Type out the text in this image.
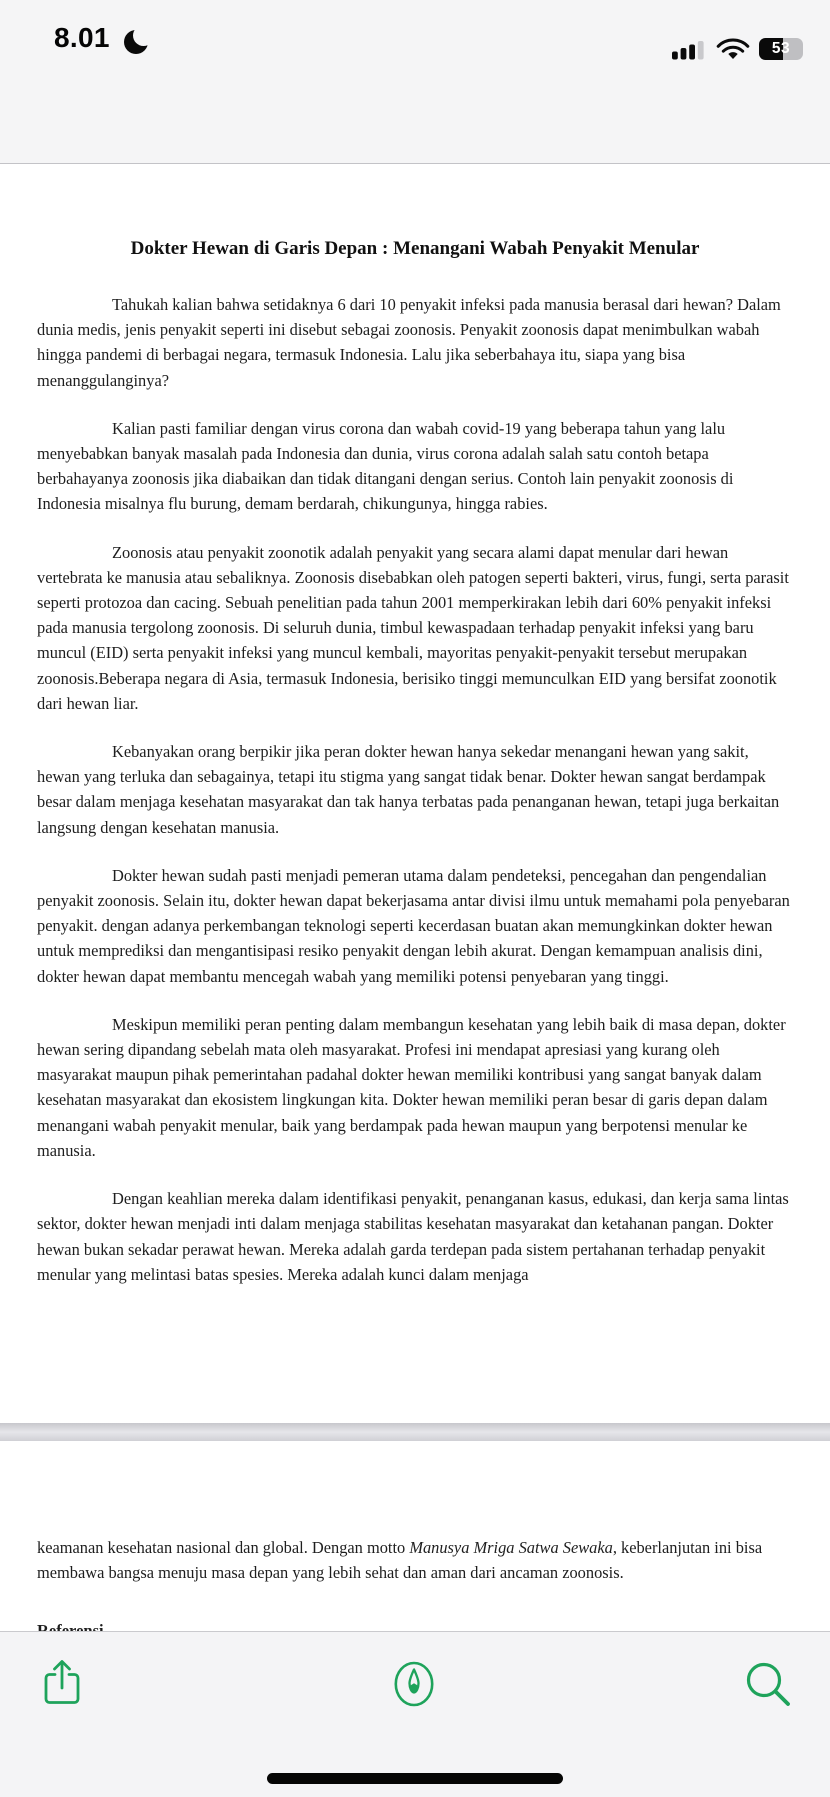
8.01	53
Dokter Hewan di Garis Depan : Menangani Wabah Penyakit Menular

Tahukah kalian bahwa setidaknya 6 dari 10 penyakit infeksi pada manusia berasal dari hewan? Dalam dunia medis, jenis penyakit seperti ini disebut sebagai zoonosis. Penyakit zoonosis dapat menimbulkan wabah hingga pandemi di berbagai negara, termasuk Indonesia. Lalu jika seberbahaya itu, siapa yang bisa menanggulanginya?

Kalian pasti familiar dengan virus corona dan wabah covid-19 yang beberapa tahun yang lalu menyebabkan banyak masalah pada Indonesia dan dunia, virus corona adalah salah satu contoh betapa berbahayanya zoonosis jika diabaikan dan tidak ditangani dengan serius. Contoh lain penyakit zoonosis di Indonesia misalnya flu burung, demam berdarah, chikungunya, hingga rabies.

Zoonosis atau penyakit zoonotik adalah penyakit yang secara alami dapat menular dari hewan vertebrata ke manusia atau sebaliknya. Zoonosis disebabkan oleh patogen seperti bakteri, virus, fungi, serta parasit seperti protozoa dan cacing. Sebuah penelitian pada tahun 2001 memperkirakan lebih dari 60% penyakit infeksi pada manusia tergolong zoonosis. Di seluruh dunia, timbul kewaspadaan terhadap penyakit infeksi yang baru muncul (EID) serta penyakit infeksi yang muncul kembali, mayoritas penyakit-penyakit tersebut merupakan zoonosis.Beberapa negara di Asia, termasuk Indonesia, berisiko tinggi memunculkan EID yang bersifat zoonotik dari hewan liar.

Kebanyakan orang berpikir jika peran dokter hewan hanya sekedar menangani hewan yang sakit, hewan yang terluka dan sebagainya, tetapi itu stigma yang sangat tidak benar. Dokter hewan sangat berdampak besar dalam menjaga kesehatan masyarakat dan tak hanya terbatas pada penanganan hewan, tetapi juga berkaitan langsung dengan kesehatan manusia.

Dokter hewan sudah pasti menjadi pemeran utama dalam pendeteksi, pencegahan dan pengendalian penyakit zoonosis. Selain itu, dokter hewan dapat bekerjasama antar divisi ilmu untuk memahami pola penyebaran penyakit. dengan adanya perkembangan teknologi seperti kecerdasan buatan akan memungkinkan dokter hewan untuk memprediksi dan mengantisipasi resiko penyakit dengan lebih akurat. Dengan kemampuan analisis dini, dokter hewan dapat membantu mencegah wabah yang memiliki potensi penyebaran yang tinggi.

Meskipun memiliki peran penting dalam membangun kesehatan yang lebih baik di masa depan, dokter hewan sering dipandang sebelah mata oleh masyarakat. Profesi ini mendapat apresiasi yang kurang oleh masyarakat maupun pihak pemerintahan padahal dokter hewan memiliki kontribusi yang sangat banyak dalam kesehatan masyarakat dan ekosistem lingkungan kita. Dokter hewan memiliki peran besar di garis depan dalam menangani wabah penyakit menular, baik yang berdampak pada hewan maupun yang berpotensi menular ke manusia.

Dengan keahlian mereka dalam identifikasi penyakit, penanganan kasus, edukasi, dan kerja sama lintas sektor, dokter hewan menjadi inti dalam menjaga stabilitas kesehatan masyarakat dan ketahanan pangan. Dokter hewan bukan sekadar perawat hewan. Mereka adalah garda terdepan pada sistem pertahanan terhadap penyakit menular yang melintasi batas spesies. Mereka adalah kunci dalam menjaga

keamanan kesehatan nasional dan global. Dengan motto Manusya Mriga Satwa Sewaka, keberlanjutan ini bisa membawa bangsa menuju masa depan yang lebih sehat dan aman dari ancaman zoonosis.
